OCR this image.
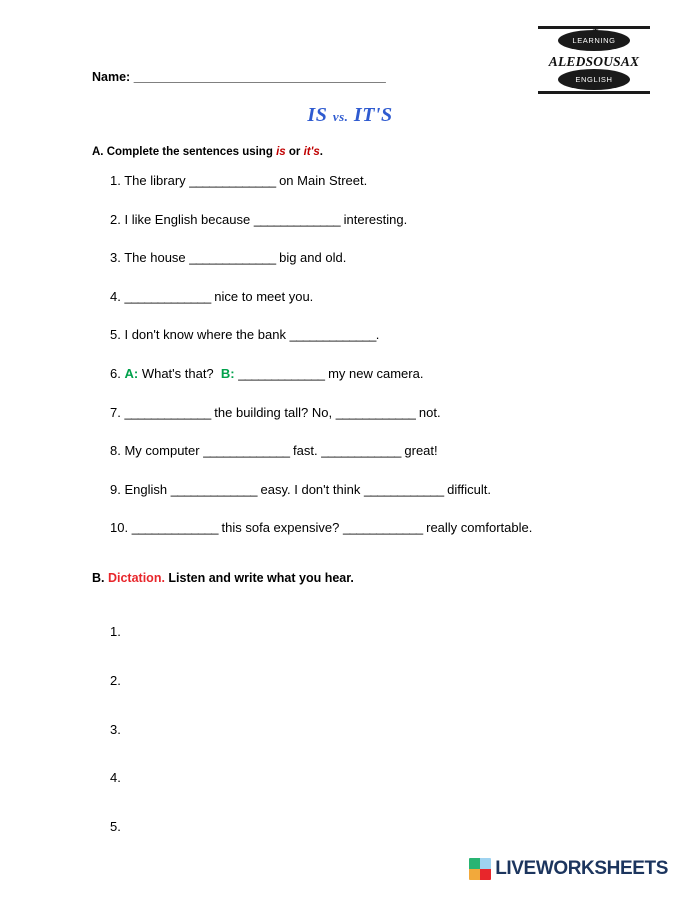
LEARNING
ALEDSOUSAX
ENGLISH
Name: _______________________________________
IS vs. IT'S
A. Complete the sentences using is or it's.
1. The library _____________ on Main Street.
2. I like English because _____________ interesting.
3. The house _____________ big and old.
4. _____________ nice to meet you.
5. I don't know where the bank _____________.
6. A: What's that? B: _____________ my new camera.
7. _____________ the building tall? No, ____________ not.
8. My computer _____________ fast. ____________ great!
9. English _____________ easy. I don't think ____________ difficult.
10. _____________ this sofa expensive? ____________ really comfortable.
B. Dictation. Listen and write what you hear.
1.
2.
3.
4.
5.
LIVEWORKSHEETS
